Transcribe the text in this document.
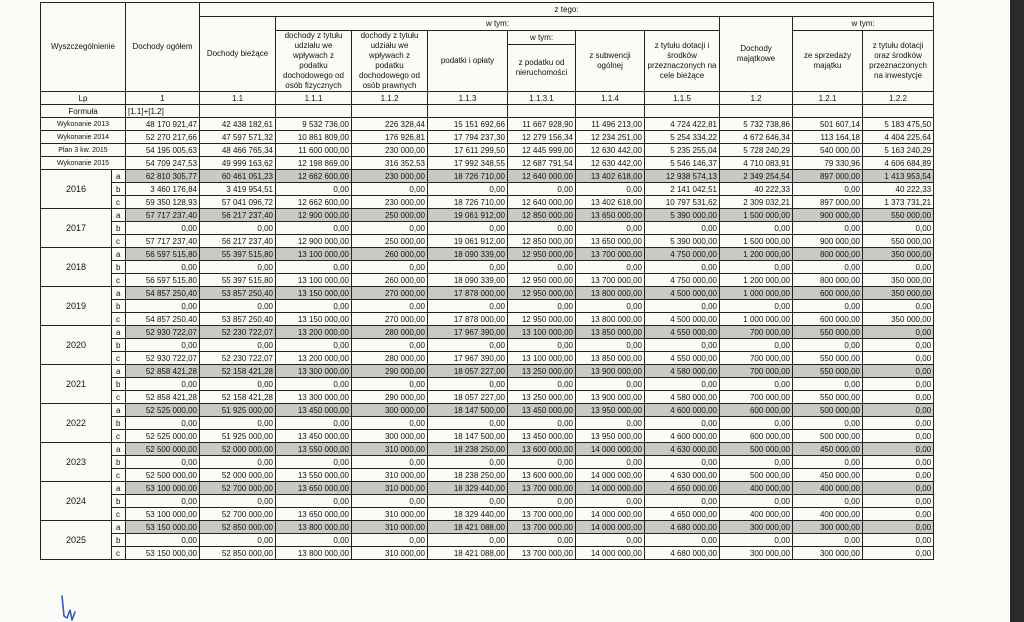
Wyszczególnienie		Dochody ogółem	z tego:									
			Dochody bieżące	w tym:						Dochody majątkowe	w tym:	
				dochody z tytułu udziału we wpływach z podatku dochodowego od osób fizycznych	dochody z tytułu udziału we wpływach z podatku dochodowego od osób prawnych	podatki i opłaty	w tym:	z subwencji ogólnej	z tytułu dotacji i środków przeznaczonych na cele bieżące		ze sprzedaży majątku	z tytułu dotacji oraz środków przeznaczonych na inwestycje
							z podatku od nieruchomości					
Lp		1	1.1	1.1.1	1.1.2	1.1.3	1.1.3.1	1.1.4	1.1.5	1.2	1.2.1	1.2.2
Formuła		[1.1]+[1.2]										
Wykonanie 2013		48 170 921,47	42 438 182,61	9 532 736,00	226 328,44	15 151 692,66	11 667 928,90	11 496 213,00	4 724 422,81	5 732 738,86	501 607,14	5 183 475,50
Wykonanie 2014		52 270 217,66	47 597 571,32	10 861 809,00	176 926,81	17 794 237,30	12 279 156,34	12 234 251,00	5 254 334,22	4 672 646,34	113 164,18	4 404 225,64
Plan 3 kw. 2015		54 195 005,63	48 466 765,34	11 600 000,00	230 000,00	17 611 299,50	12 445 999,00	12 630 442,00	5 235 255,04	5 728 240,29	540 000,00	5 163 240,29
Wykonanie 2015		54 709 247,53	49 999 163,62	12 198 869,00	316 352,53	17 992 348,55	12 687 791,54	12 630 442,00	5 546 146,37	4 710 083,91	79 330,96	4 606 684,89
2016	a	62 810 305,77	60 461 051,23	12 662 600,00	230 000,00	18 726 710,00	12 640 000,00	13 402 618,00	12 938 574,13	2 349 254,54	897 000,00	1 413 953,54
	b	3 460 176,84	3 419 954,51	0,00	0,00	0,00	0,00	0,00	2 141 042,51	40 222,33	0,00	40 222,33
	c	59 350 128,93	57 041 096,72	12 662 600,00	230 000,00	18 726 710,00	12 640 000,00	13 402 618,00	10 797 531,62	2 309 032,21	897 000,00	1 373 731,21
2017	a	57 717 237,40	56 217 237,40	12 900 000,00	250 000,00	19 061 912,00	12 850 000,00	13 650 000,00	5 390 000,00	1 500 000,00	900 000,00	550 000,00
	b	0,00	0,00	0,00	0,00	0,00	0,00	0,00	0,00	0,00	0,00	0,00
	c	57 717 237,40	56 217 237,40	12 900 000,00	250 000,00	19 061 912,00	12 850 000,00	13 650 000,00	5 390 000,00	1 500 000,00	900 000,00	550 000,00
2018	a	56 597 515,80	55 397 515,80	13 100 000,00	260 000,00	18 090 339,00	12 950 000,00	13 700 000,00	4 750 000,00	1 200 000,00	800 000,00	350 000,00
	b	0,00	0,00	0,00	0,00	0,00	0,00	0,00	0,00	0,00	0,00	0,00
	c	56 597 515,80	55 397 515,80	13 100 000,00	260 000,00	18 090 339,00	12 950 000,00	13 700 000,00	4 750 000,00	1 200 000,00	800 000,00	350 000,00
2019	a	54 857 250,40	53 857 250,40	13 150 000,00	270 000,00	17 878 000,00	12 950 000,00	13 800 000,00	4 500 000,00	1 000 000,00	600 000,00	350 000,00
	b	0,00	0,00	0,00	0,00	0,00	0,00	0,00	0,00	0,00	0,00	0,00
	c	54 857 250,40	53 857 250,40	13 150 000,00	270 000,00	17 878 000,00	12 950 000,00	13 800 000,00	4 500 000,00	1 000 000,00	600 000,00	350 000,00
2020	a	52 930 722,07	52 230 722,07	13 200 000,00	280 000,00	17 967 390,00	13 100 000,00	13 850 000,00	4 550 000,00	700 000,00	550 000,00	0,00
	b	0,00	0,00	0,00	0,00	0,00	0,00	0,00	0,00	0,00	0,00	0,00
	c	52 930 722,07	52 230 722,07	13 200 000,00	280 000,00	17 967 390,00	13 100 000,00	13 850 000,00	4 550 000,00	700 000,00	550 000,00	0,00
2021	a	52 858 421,28	52 158 421,28	13 300 000,00	290 000,00	18 057 227,00	13 250 000,00	13 900 000,00	4 580 000,00	700 000,00	550 000,00	0,00
	b	0,00	0,00	0,00	0,00	0,00	0,00	0,00	0,00	0,00	0,00	0,00
	c	52 858 421,28	52 158 421,28	13 300 000,00	290 000,00	18 057 227,00	13 250 000,00	13 900 000,00	4 580 000,00	700 000,00	550 000,00	0,00
2022	a	52 525 000,00	51 925 000,00	13 450 000,00	300 000,00	18 147 500,00	13 450 000,00	13 950 000,00	4 600 000,00	600 000,00	500 000,00	0,00
	b	0,00	0,00	0,00	0,00	0,00	0,00	0,00	0,00	0,00	0,00	0,00
	c	52 525 000,00	51 925 000,00	13 450 000,00	300 000,00	18 147 500,00	13 450 000,00	13 950 000,00	4 600 000,00	600 000,00	500 000,00	0,00
2023	a	52 500 000,00	52 000 000,00	13 550 000,00	310 000,00	18 238 250,00	13 600 000,00	14 000 000,00	4 630 000,00	500 000,00	450 000,00	0,00
	b	0,00	0,00	0,00	0,00	0,00	0,00	0,00	0,00	0,00	0,00	0,00
	c	52 500 000,00	52 000 000,00	13 550 000,00	310 000,00	18 238 250,00	13 600 000,00	14 000 000,00	4 630 000,00	500 000,00	450 000,00	0,00
2024	a	53 100 000,00	52 700 000,00	13 650 000,00	310 000,00	18 329 440,00	13 700 000,00	14 000 000,00	4 650 000,00	400 000,00	400 000,00	0,00
	b	0,00	0,00	0,00	0,00	0,00	0,00	0,00	0,00	0,00	0,00	0,00
	c	53 100 000,00	52 700 000,00	13 650 000,00	310 000,00	18 329 440,00	13 700 000,00	14 000 000,00	4 650 000,00	400 000,00	400 000,00	0,00
2025	a	53 150 000,00	52 850 000,00	13 800 000,00	310 000,00	18 421 088,00	13 700 000,00	14 000 000,00	4 680 000,00	300 000,00	300 000,00	0,00
	b	0,00	0,00	0,00	0,00	0,00	0,00	0,00	0,00	0,00	0,00	0,00
	c	53 150 000,00	52 850 000,00	13 800 000,00	310 000,00	18 421 088,00	13 700 000,00	14 000 000,00	4 680 000,00	300 000,00	300 000,00	0,00
